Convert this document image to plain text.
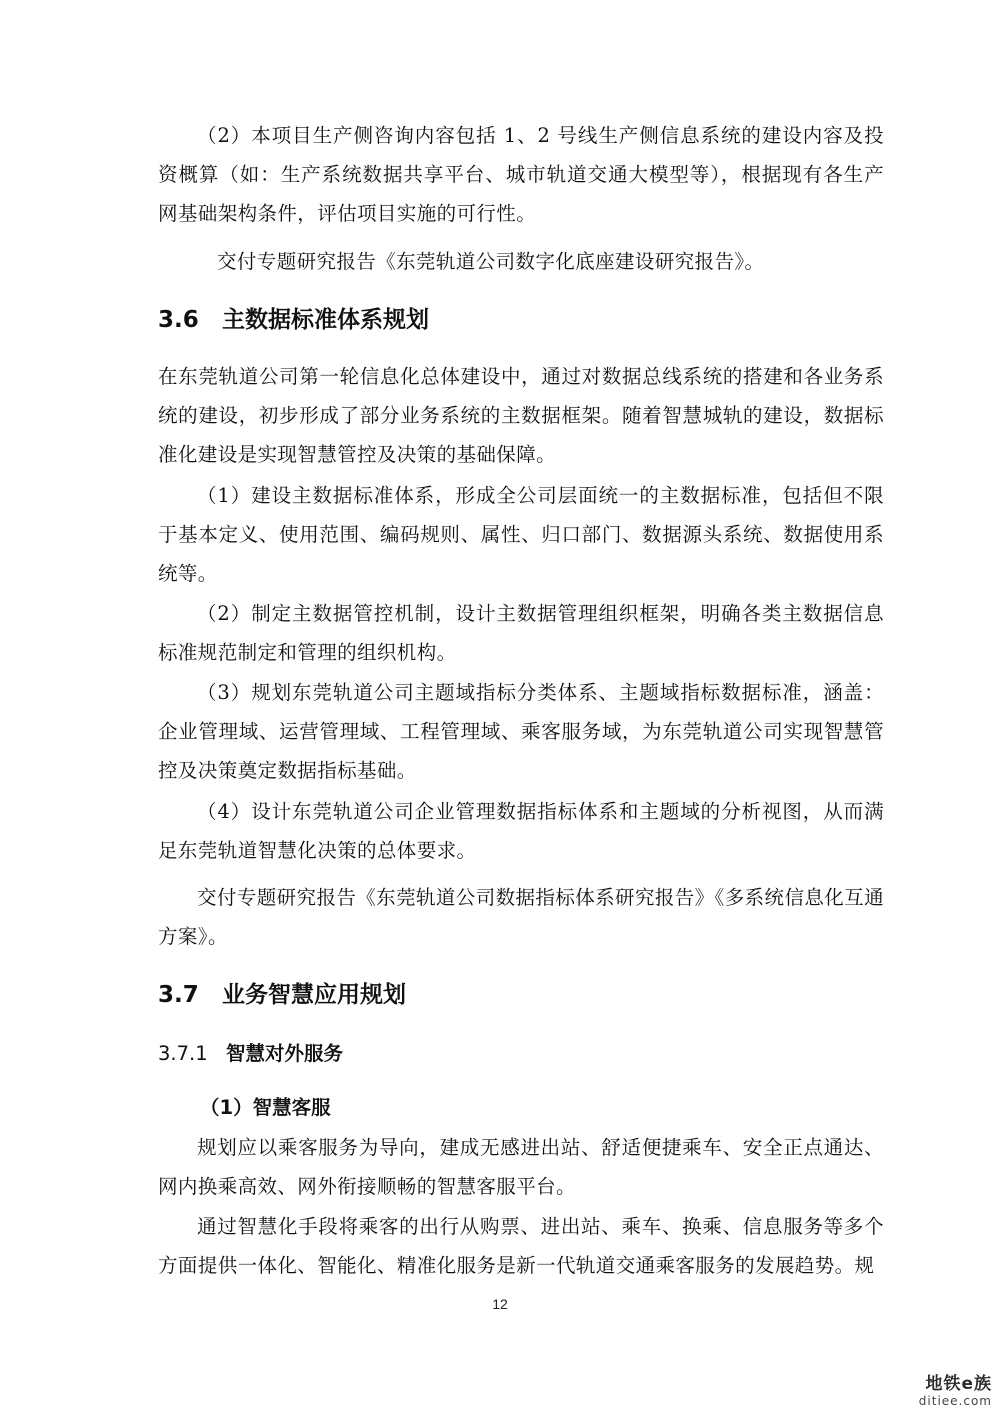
（2）本项目生产侧咨询内容包括 1、2 号线生产侧信息系统的建设内容及投资概算（如：生产系统数据共享平台、城市轨道交通大模型等），根据现有各生产网基础架构条件，评估项目实施的可行性。

交付专题研究报告《东莞轨道公司数字化底座建设研究报告》。

3.6 主数据标准体系规划

在东莞轨道公司第一轮信息化总体建设中，通过对数据总线系统的搭建和各业务系统的建设，初步形成了部分业务系统的主数据框架。随着智慧城轨的建设，数据标准化建设是实现智慧管控及决策的基础保障。

（1）建设主数据标准体系，形成全公司层面统一的主数据标准，包括但不限于基本定义、使用范围、编码规则、属性、归口部门、数据源头系统、数据使用系统等。

（2）制定主数据管控机制，设计主数据管理组织框架，明确各类主数据信息标准规范制定和管理的组织机构。

（3）规划东莞轨道公司主题域指标分类体系、主题域指标数据标准，涵盖：企业管理域、运营管理域、工程管理域、乘客服务域，为东莞轨道公司实现智慧管控及决策奠定数据指标基础。

（4）设计东莞轨道公司企业管理数据指标体系和主题域的分析视图，从而满足东莞轨道智慧化决策的总体要求。

交付专题研究报告《东莞轨道公司数据指标体系研究报告》《多系统信息化互通方案》。

3.7 业务智慧应用规划
3.7.1 智慧对外服务
（1）智慧客服

规划应以乘客服务为导向，建成无感进出站、舒适便捷乘车、安全正点通达、网内换乘高效、网外衔接顺畅的智慧客服平台。

通过智慧化手段将乘客的出行从购票、进出站、乘车、换乘、信息服务等多个方面提供一体化、智能化、精准化服务是新一代轨道交通乘客服务的发展趋势。规

12
地铁e族
ditiee.com
